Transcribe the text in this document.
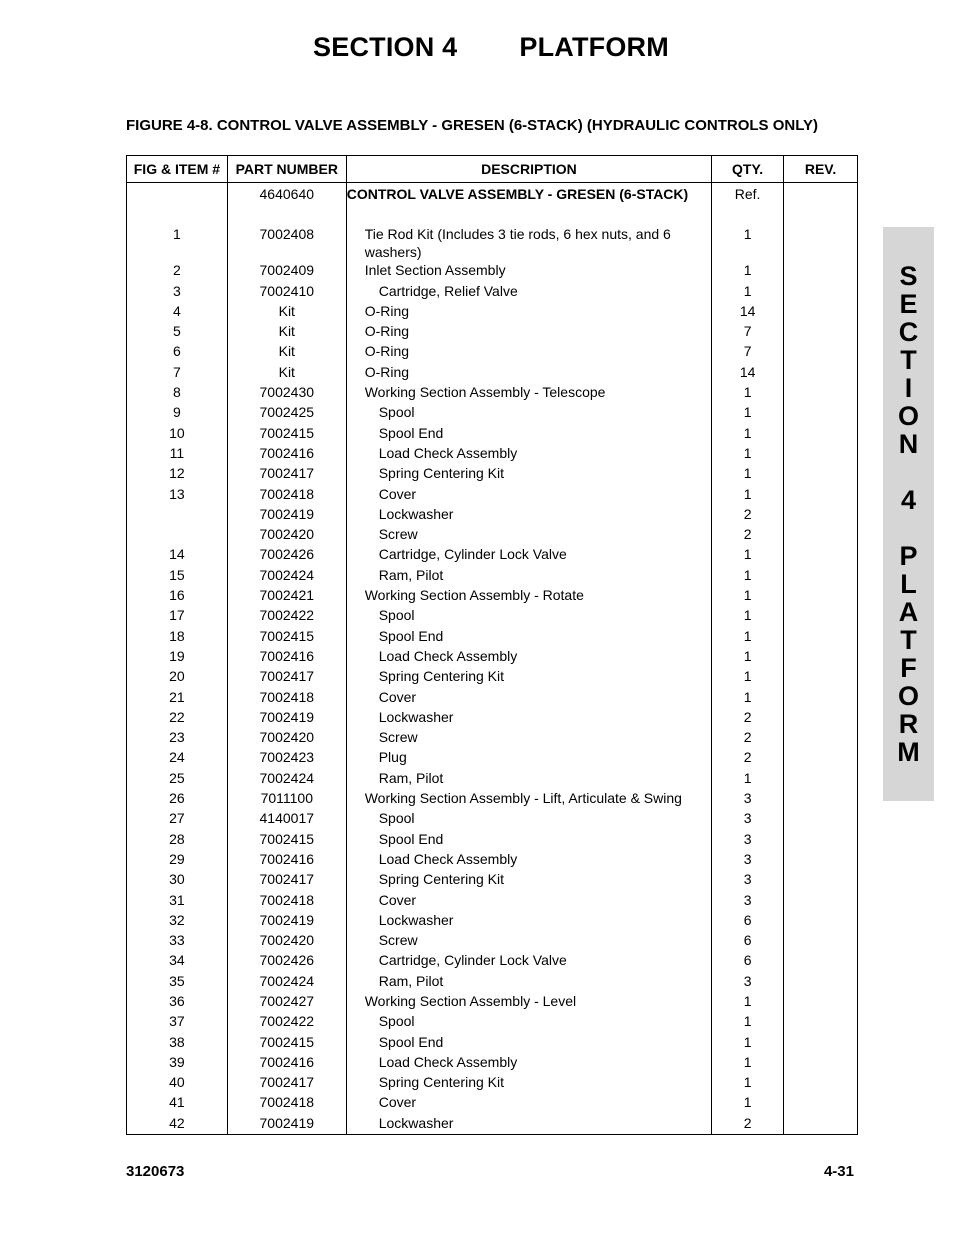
SECTION 4 PLATFORM
FIGURE 4-8. CONTROL VALVE ASSEMBLY - GRESEN (6-STACK) (HYDRAULIC CONTROLS ONLY)
FIG & ITEM #	PART NUMBER	DESCRIPTION	QTY.	REV.
	4640640	CONTROL VALVE ASSEMBLY - GRESEN (6-STACK)	Ref.	

1	7002408	Tie Rod Kit (Includes 3 tie rods, 6 hex nuts, and 6 washers)	1	
2	7002409	Inlet Section Assembly	1	
3	7002410	Cartridge, Relief Valve	1	
4	Kit	O-Ring	14	
5	Kit	O-Ring	7	
6	Kit	O-Ring	7	
7	Kit	O-Ring	14	
8	7002430	Working Section Assembly - Telescope	1	
9	7002425	Spool	1	
10	7002415	Spool End	1	
11	7002416	Load Check Assembly	1	
12	7002417	Spring Centering Kit	1	
13	7002418	Cover	1	
	7002419	Lockwasher	2	
	7002420	Screw	2	
14	7002426	Cartridge, Cylinder Lock Valve	1	
15	7002424	Ram, Pilot	1	
16	7002421	Working Section Assembly - Rotate	1	
17	7002422	Spool	1	
18	7002415	Spool End	1	
19	7002416	Load Check Assembly	1	
20	7002417	Spring Centering Kit	1	
21	7002418	Cover	1	
22	7002419	Lockwasher	2	
23	7002420	Screw	2	
24	7002423	Plug	2	
25	7002424	Ram, Pilot	1	
26	7011100	Working Section Assembly - Lift, Articulate & Swing	3	
27	4140017	Spool	3	
28	7002415	Spool End	3	
29	7002416	Load Check Assembly	3	
30	7002417	Spring Centering Kit	3	
31	7002418	Cover	3	
32	7002419	Lockwasher	6	
33	7002420	Screw	6	
34	7002426	Cartridge, Cylinder Lock Valve	6	
35	7002424	Ram, Pilot	3	
36	7002427	Working Section Assembly - Level	1	
37	7002422	Spool	1	
38	7002415	Spool End	1	
39	7002416	Load Check Assembly	1	
40	7002417	Spring Centering Kit	1	
41	7002418	Cover	1	
42	7002419	Lockwasher	2	
S
E
C
T
I
O
N
4
P
L
A
T
F
O
R
M
3120673	4-31
